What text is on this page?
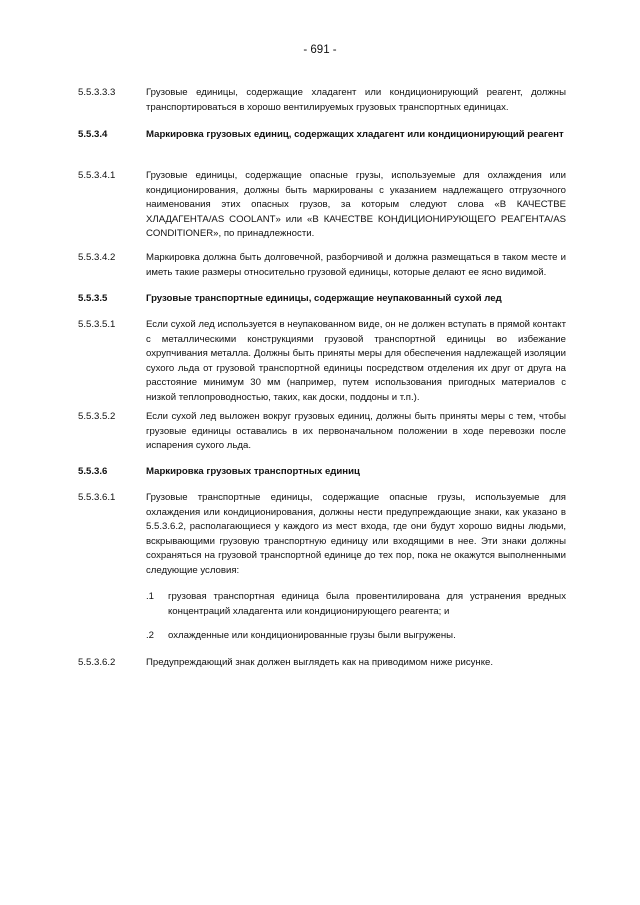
- 691 -
5.5.3.3.3	Грузовые единицы, содержащие хладагент или кондиционирующий реагент, должны транспортироваться в хорошо вентилируемых грузовых транспортных единицах.
5.5.3.4	Маркировка грузовых единиц, содержащих хладагент или кондиционирующий реагент
5.5.3.4.1	Грузовые единицы, содержащие опасные грузы, используемые для охлаждения или кондиционирования, должны быть маркированы с указанием надлежащего отгрузочного наименования этих опасных грузов, за которым следуют слова «В КАЧЕСТВЕ ХЛАДАГЕНТА/AS COOLANT» или «В КАЧЕСТВЕ КОНДИЦИОНИРУЮЩЕГО РЕАГЕНТА/AS CONDITIONER», по принадлежности.
5.5.3.4.2	Маркировка должна быть долговечной, разборчивой и должна размещаться в таком месте и иметь такие размеры относительно грузовой единицы, которые делают ее ясно видимой.
5.5.3.5	Грузовые транспортные единицы, содержащие неупакованный сухой лед
5.5.3.5.1	Если сухой лед используется в неупакованном виде, он не должен вступать в прямой контакт с металлическими конструкциями грузовой транспортной единицы во избежание охрупчивания металла. Должны быть приняты меры для обеспечения надлежащей изоляции сухого льда от грузовой транспортной единицы посредством отделения их друг от друга на расстояние минимум 30 мм (например, путем использования пригодных материалов с низкой теплопроводностью, таких, как доски, поддоны и т.п.).
5.5.3.5.2	Если сухой лед выложен вокруг грузовых единиц, должны быть приняты меры с тем, чтобы грузовые единицы оставались в их первоначальном положении в ходе перевозки после испарения сухого льда.
5.5.3.6	Маркировка грузовых транспортных единиц
5.5.3.6.1	Грузовые транспортные единицы, содержащие опасные грузы, используемые для охлаждения или кондиционирования, должны нести предупреждающие знаки, как указано в 5.5.3.6.2, располагающиеся у каждого из мест входа, где они будут хорошо видны людьми, вскрывающими грузовую транспортную единицу или входящими в нее. Эти знаки должны сохраняться на грузовой транспортной единице до тех пор, пока не окажутся выполненными следующие условия:
.1	грузовая транспортная единица была провентилирована для устранения вредных концентраций хладагента или кондиционирующего реагента; и
.2	охлажденные или кондиционированные грузы были выгружены.
5.5.3.6.2	Предупреждающий знак должен выглядеть как на приводимом ниже рисунке.
